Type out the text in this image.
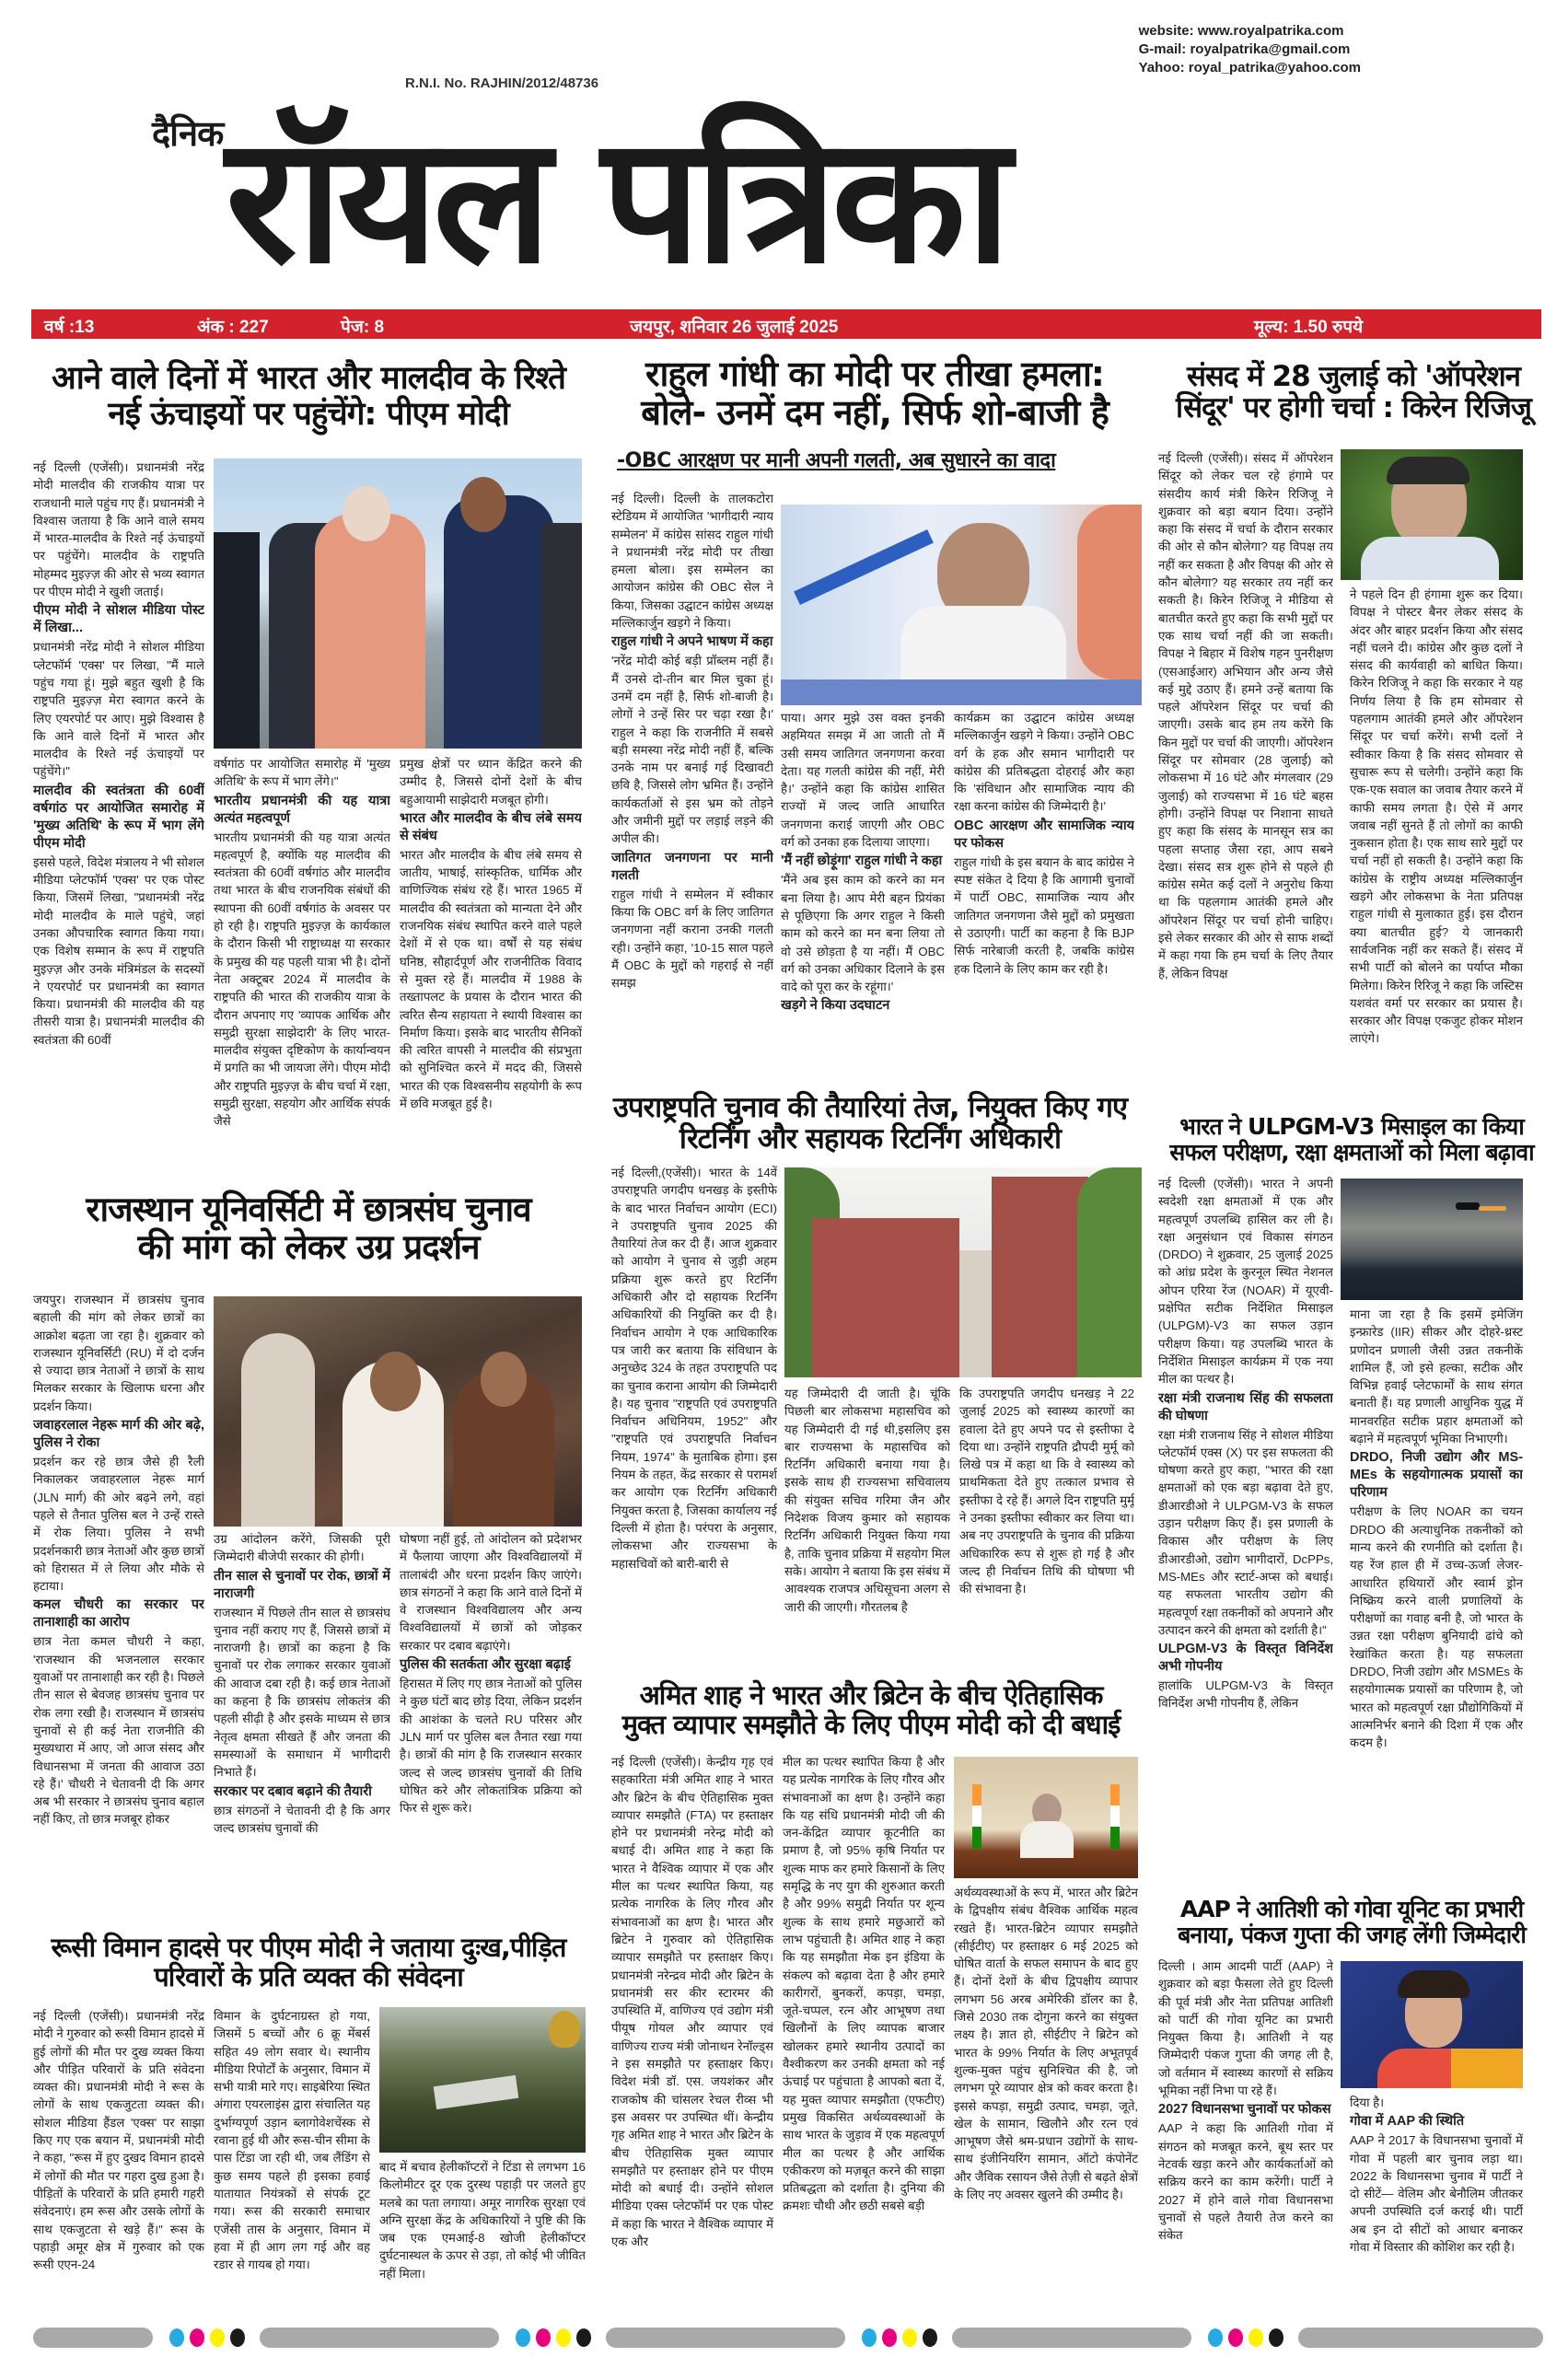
website: www.royalpatrika.com
G-mail: royalpatrika@gmail.com
Yahoo: royal_patrika@yahoo.com
R.N.I. No. RAJHIN/2012/48736
दैनिक रॉयल पत्रिका
वर्ष :13	अंक : 227	पेज: 8	जयपुर, शनिवार 26 जुलाई 2025	मूल्य: 1.50 रुपये
आने वाले दिनों में भारत और मालदीव के रिश्ते
नई ऊंचाइयों पर पहुंचेंगे: पीएम मोदी

नई दिल्ली (एजेंसी)। प्रधानमंत्री नरेंद्र मोदी मालदीव की राजकीय यात्रा पर राजधानी माले पहुंच गए हैं। प्रधानमंत्री ने विश्वास जताया है कि आने वाले समय में भारत-मालदीव के रिश्ते नई ऊंचाइयों पर पहुंचेंगे। मालदीव के राष्ट्रपति मोहम्मद मुइज़्ज़ की ओर से भव्य स्वागत पर पीएम मोदी ने खुशी जताई।

पीएम मोदी ने सोशल मीडिया पोस्ट में लिखा...

प्रधानमंत्री नरेंद्र मोदी ने सोशल मीडिया प्लेटफॉर्म 'एक्स' पर लिखा, "मैं माले पहुंच गया हूं। मुझे बहुत खुशी है कि राष्ट्रपति मुइज़्ज़ मेरा स्वागत करने के लिए एयरपोर्ट पर आए। मुझे विश्वास है कि आने वाले दिनों में भारत और मालदीव के रिश्ते नई ऊंचाइयों पर पहुंचेंगे।"

मालदीव की स्वतंत्रता की 60वीं वर्षगांठ पर आयोजित समारोह में 'मुख्य अतिथि' के रूप में भाग लेंगे पीएम मोदी

इससे पहले, विदेश मंत्रालय ने भी सोशल मीडिया प्लेटफॉर्म 'एक्स' पर एक पोस्ट किया, जिसमें लिखा, "प्रधानमंत्री नरेंद्र मोदी मालदीव के माले पहुंचे, जहां उनका औपचारिक स्वागत किया गया। एक विशेष सम्मान के रूप में राष्ट्रपति मुइज़्ज़ और उनके मंत्रिमंडल के सदस्यों ने एयरपोर्ट पर प्रधानमंत्री का स्वागत किया। प्रधानमंत्री की मालदीव की यह तीसरी यात्रा है। प्रधानमंत्री मालदीव की स्वतंत्रता की 60वीं

वर्षगांठ पर आयोजित समारोह में 'मुख्य अतिथि' के रूप में भाग लेंगे।"

भारतीय प्रधानमंत्री की यह यात्रा अत्यंत महत्वपूर्ण

भारतीय प्रधानमंत्री की यह यात्रा अत्यंत महत्वपूर्ण है, क्योंकि यह मालदीव की स्वतंत्रता की 60वीं वर्षगांठ और मालदीव तथा भारत के बीच राजनयिक संबंधों की स्थापना की 60वीं वर्षगांठ के अवसर पर हो रही है। राष्ट्रपति मुइज़्ज़ के कार्यकाल के दौरान किसी भी राष्ट्राध्यक्ष या सरकार के प्रमुख की यह पहली यात्रा भी है। दोनों नेता अक्टूबर 2024 में मालदीव के राष्ट्रपति की भारत की राजकीय यात्रा के दौरान अपनाए गए 'व्यापक आर्थिक और समुद्री सुरक्षा साझेदारी' के लिए भारत-मालदीव संयुक्त दृष्टिकोण के कार्यान्वयन में प्रगति का भी जायजा लेंगे। पीएम मोदी और राष्ट्रपति मुइज़्ज़ के बीच चर्चा में रक्षा, समुद्री सुरक्षा, सहयोग और आर्थिक संपर्क जैसे

प्रमुख क्षेत्रों पर ध्यान केंद्रित करने की उम्मीद है, जिससे दोनों देशों के बीच बहुआयामी साझेदारी मजबूत होगी।

भारत और मालदीव के बीच लंबे समय से संबंध

भारत और मालदीव के बीच लंबे समय से जातीय, भाषाई, सांस्कृतिक, धार्मिक और वाणिज्यिक संबंध रहे हैं। भारत 1965 में मालदीव की स्वतंत्रता को मान्यता देने और राजनयिक संबंध स्थापित करने वाले पहले देशों में से एक था। वर्षों से यह संबंध घनिष्ठ, सौहार्दपूर्ण और राजनीतिक विवाद से मुक्त रहे हैं। मालदीव में 1988 के तख्तापलट के प्रयास के दौरान भारत की त्वरित सैन्य सहायता ने स्थायी विश्वास का निर्माण किया। इसके बाद भारतीय सैनिकों की त्वरित वापसी ने मालदीव की संप्रभुता को सुनिश्चित करने में मदद की, जिससे भारत की एक विश्वसनीय सहयोगी के रूप में छवि मजबूत हुई है।

राहुल गांधी का मोदी पर तीखा हमला:
बोले- उनमें दम नहीं, सिर्फ शो-बाजी है
-OBC आरक्षण पर मानी अपनी गलती, अब सुधारने का वादा

नई दिल्ली। दिल्ली के तालकटोरा स्टेडियम में आयोजित 'भागीदारी न्याय सम्मेलन' में कांग्रेस सांसद राहुल गांधी ने प्रधानमंत्री नरेंद्र मोदी पर तीखा हमला बोला। इस सम्मेलन का आयोजन कांग्रेस की OBC सेल ने किया, जिसका उद्घाटन कांग्रेस अध्यक्ष मल्लिकार्जुन खड़गे ने किया।

राहुल गांधी ने अपने भाषण में कहा

'नरेंद्र मोदी कोई बड़ी प्रॉब्लम नहीं हैं। मैं उनसे दो-तीन बार मिल चुका हूं। उनमें दम नहीं है, सिर्फ शो-बाजी है। लोगों ने उन्हें सिर पर चढ़ा रखा है।' राहुल ने कहा कि राजनीति में सबसे बड़ी समस्या नरेंद्र मोदी नहीं हैं, बल्कि उनके नाम पर बनाई गई दिखावटी छवि है, जिससे लोग भ्रमित हैं। उन्होंने कार्यकर्ताओं से इस भ्रम को तोड़ने और जमीनी मुद्दों पर लड़ाई लड़ने की अपील की।

जातिगत जनगणना पर मानी गलती

राहुल गांधी ने सम्मेलन में स्वीकार किया कि OBC वर्ग के लिए जातिगत जनगणना नहीं कराना उनकी गलती रही। उन्होंने कहा, '10-15 साल पहले मैं OBC के मुद्दों को गहराई से नहीं समझ

पाया। अगर मुझे उस वक्त इनकी अहमियत समझ में आ जाती तो मैं उसी समय जातिगत जनगणना करवा देता। यह गलती कांग्रेस की नहीं, मेरी है।' उन्होंने कहा कि कांग्रेस शासित राज्यों में जल्द जाति आधारित जनगणना कराई जाएगी और OBC वर्ग को उनका हक दिलाया जाएगा।

'मैं नहीं छोड़ूंगा' राहुल गांधी ने कहा

'मैंने अब इस काम को करने का मन बना लिया है। आप मेरी बहन प्रियंका से पूछिएगा कि अगर राहुल ने किसी काम को करने का मन बना लिया तो वो उसे छोड़ता है या नहीं। मैं OBC वर्ग को उनका अधिकार दिलाने के इस वादे को पूरा कर के रहूंगा।'

खड़गे ने किया उदघाटन

कार्यक्रम का उद्घाटन कांग्रेस अध्यक्ष मल्लिकार्जुन खड़गे ने किया। उन्होंने OBC वर्ग के हक और समान भागीदारी पर कांग्रेस की प्रतिबद्धता दोहराई और कहा कि 'संविधान और सामाजिक न्याय की रक्षा करना कांग्रेस की जिम्मेदारी है।'

OBC आरक्षण और सामाजिक न्याय पर फोकस

राहुल गांधी के इस बयान के बाद कांग्रेस ने स्पष्ट संकेत दे दिया है कि आगामी चुनावों में पार्टी OBC, सामाजिक न्याय और जातिगत जनगणना जैसे मुद्दों को प्रमुखता से उठाएगी। पार्टी का कहना है कि BJP सिर्फ नारेबाजी करती है, जबकि कांग्रेस हक दिलाने के लिए काम कर रही है।

संसद में 28 जुलाई को 'ऑपरेशन
सिंदूर' पर होगी चर्चा : किरेन रिजिजू

नई दिल्ली (एजेंसी)। संसद में ऑपरेशन सिंदूर को लेकर चल रहे हंगामे पर संसदीय कार्य मंत्री किरेन रिजिजू ने शुक्रवार को बड़ा बयान दिया। उन्होंने कहा कि संसद में चर्चा के दौरान सरकार की ओर से कौन बोलेगा? यह विपक्ष तय नहीं कर सकता है और विपक्ष की ओर से कौन बोलेगा? यह सरकार तय नहीं कर सकती है। किरेन रिजिजू ने मीडिया से बातचीत करते हुए कहा कि सभी मुद्दों पर एक साथ चर्चा नहीं की जा सकती। विपक्ष ने बिहार में विशेष गहन पुनरीक्षण (एसआईआर) अभियान और अन्य जैसे कई मुद्दे उठाए हैं। हमने उन्हें बताया कि पहले ऑपरेशन सिंदूर पर चर्चा की जाएगी। उसके बाद हम तय करेंगे कि किन मुद्दों पर चर्चा की जाएगी। ऑपरेशन सिंदूर पर सोमवार (28 जुलाई) को लोकसभा में 16 घंटे और मंगलवार (29 जुलाई) को राज्यसभा में 16 घंटे बहस होगी। उन्होंने विपक्ष पर निशाना साधते हुए कहा कि संसद के मानसून सत्र का पहला सप्ताह जैसा रहा, आप सबने देखा। संसद सत्र शुरू होने से पहले ही कांग्रेस समेत कई दलों ने अनुरोध किया था कि पहलगाम आतंकी हमले और ऑपरेशन सिंदूर पर चर्चा होनी चाहिए। इसे लेकर सरकार की ओर से साफ शब्दों में कहा गया कि हम चर्चा के लिए तैयार हैं, लेकिन विपक्ष

ने पहले दिन ही हंगामा शुरू कर दिया। विपक्ष ने पोस्टर बैनर लेकर संसद के अंदर और बाहर प्रदर्शन किया और संसद नहीं चलने दी। कांग्रेस और कुछ दलों ने संसद की कार्यवाही को बाधित किया। किरेन रिजिजू ने कहा कि सरकार ने यह निर्णय लिया है कि हम सोमवार से पहलगाम आतंकी हमले और ऑपरेशन सिंदूर पर चर्चा करेंगे। सभी दलों ने स्वीकार किया है कि संसद सोमवार से सुचारू रूप से चलेगी। उन्होंने कहा कि एक-एक सवाल का जवाब तैयार करने में काफी समय लगता है। ऐसे में अगर जवाब नहीं सुनते हैं तो लोगों का काफी नुकसान होता है। एक साथ सारे मुद्दों पर चर्चा नहीं हो सकती है। उन्होंने कहा कि कांग्रेस के राष्ट्रीय अध्यक्ष मल्लिकार्जुन खड़गे और लोकसभा के नेता प्रतिपक्ष राहुल गांधी से मुलाकात हुई। इस दौरान क्या बातचीत हुई? ये जानकारी सार्वजनिक नहीं कर सकते हैं। संसद में सभी पार्टी को बोलने का पर्याप्त मौका मिलेगा। किरेन रिरिजू ने कहा कि जस्टिस यशवंत वर्मा पर सरकार का प्रयास है। सरकार और विपक्ष एकजुट होकर मोशन लाएंगे।

राजस्थान यूनिवर्सिटी में छात्रसंघ चुनाव
की मांग को लेकर उग्र प्रदर्शन

जयपुर। राजस्थान में छात्रसंघ चुनाव बहाली की मांग को लेकर छात्रों का आक्रोश बढ़ता जा रहा है। शुक्रवार को राजस्थान यूनिवर्सिटी (RU) में दो दर्जन से ज्यादा छात्र नेताओं ने छात्रों के साथ मिलकर सरकार के खिलाफ धरना और प्रदर्शन किया।

जवाहरलाल नेहरू मार्ग की ओर बढ़े, पुलिस ने रोका

प्रदर्शन कर रहे छात्र जैसे ही रैली निकालकर जवाहरलाल नेहरू मार्ग (JLN मार्ग) की ओर बढ़ने लगे, वहां पहले से तैनात पुलिस बल ने उन्हें रास्ते में रोक लिया। पुलिस ने सभी प्रदर्शनकारी छात्र नेताओं और कुछ छात्रों को हिरासत में ले लिया और मौके से हटाया।

कमल चौधरी का सरकार पर तानाशाही का आरोप

छात्र नेता कमल चौधरी ने कहा, 'राजस्थान की भजनलाल सरकार युवाओं पर तानाशाही कर रही है। पिछले तीन साल से बेवजह छात्रसंघ चुनाव पर रोक लगा रखी है। राजस्थान में छात्रसंघ चुनावों से ही कई नेता राजनीति की मुख्यधारा में आए, जो आज संसद और विधानसभा में जनता की आवाज उठा रहे हैं।' चौधरी ने चेतावनी दी कि अगर अब भी सरकार ने छात्रसंघ चुनाव बहाल नहीं किए, तो छात्र मजबूर होकर

उग्र आंदोलन करेंगे, जिसकी पूरी जिम्मेदारी बीजेपी सरकार की होगी।

तीन साल से चुनावों पर रोक, छात्रों में नाराजगी

राजस्थान में पिछले तीन साल से छात्रसंघ चुनाव नहीं कराए गए हैं, जिससे छात्रों में नाराजगी है। छात्रों का कहना है कि चुनावों पर रोक लगाकर सरकार युवाओं की आवाज दबा रही है। कई छात्र नेताओं का कहना है कि छात्रसंघ लोकतंत्र की पहली सीढ़ी है और इसके माध्यम से छात्र नेतृत्व क्षमता सीखते हैं और जनता की समस्याओं के समाधान में भागीदारी निभाते हैं।

सरकार पर दबाव बढ़ाने की तैयारी

छात्र संगठनों ने चेतावनी दी है कि अगर जल्द छात्रसंघ चुनावों की

घोषणा नहीं हुई, तो आंदोलन को प्रदेशभर में फैलाया जाएगा और विश्वविद्यालयों में तालाबंदी और धरना प्रदर्शन किए जाएंगे। छात्र संगठनों ने कहा कि आने वाले दिनों में वे राजस्थान विश्वविद्यालय और अन्य विश्वविद्यालयों में छात्रों को जोड़कर सरकार पर दबाव बढ़ाएंगे।

पुलिस की सतर्कता और सुरक्षा बढ़ाई

हिरासत में लिए गए छात्र नेताओं को पुलिस ने कुछ घंटों बाद छोड़ दिया, लेकिन प्रदर्शन की आशंका के चलते RU परिसर और JLN मार्ग पर पुलिस बल तैनात रखा गया है। छात्रों की मांग है कि राजस्थान सरकार जल्द से जल्द छात्रसंघ चुनावों की तिथि घोषित करे और लोकतांत्रिक प्रक्रिया को फिर से शुरू करे।

उपराष्ट्रपति चुनाव की तैयारियां तेज, नियुक्त किए गए
रिटर्निंग और सहायक रिटर्निंग अधिकारी

नई दिल्ली,(एजेंसी)। भारत के 14वें उपराष्ट्रपति जगदीप धनखड़ के इस्तीफे के बाद भारत निर्वाचन आयोग (ECI) ने उपराष्ट्रपति चुनाव 2025 की तैयारियां तेज कर दी हैं। आज शुक्रवार को आयोग ने चुनाव से जुड़ी अहम प्रक्रिया शुरू करते हुए रिटर्निंग अधिकारी और दो सहायक रिटर्निंग अधिकारियों की नियुक्ति कर दी है। निर्वाचन आयोग ने एक आधिकारिक पत्र जारी कर बताया कि संविधान के अनुच्छेद 324 के तहत उपराष्ट्रपति पद का चुनाव कराना आयोग की जिम्मेदारी है। यह चुनाव "राष्ट्रपति एवं उपराष्ट्रपति निर्वाचन अधिनियम, 1952" और "राष्ट्रपति एवं उपराष्ट्रपति निर्वाचन नियम, 1974" के मुताबिक होगा। इस नियम के तहत, केंद्र सरकार से परामर्श कर आयोग एक रिटर्निंग अधिकारी नियुक्त करता है, जिसका कार्यालय नई दिल्ली में होता है। परंपरा के अनुसार, लोकसभा और राज्यसभा के महासचिवों को बारी-बारी से

यह जिम्मेदारी दी जाती है। चूंकि पिछली बार लोकसभा महासचिव को यह जिम्मेदारी दी गई थी,इसलिए इस बार राज्यसभा के महासचिव को रिटर्निंग अधिकारी बनाया गया है। इसके साथ ही राज्यसभा सचिवालय की संयुक्त सचिव गरिमा जैन और निदेशक विजय कुमार को सहायक रिटर्निंग अधिकारी नियुक्त किया गया है, ताकि चुनाव प्रक्रिया में सहयोग मिल सके। आयोग ने बताया कि इस संबंध में आवश्यक राजपत्र अधिसूचना अलग से जारी की जाएगी। गौरतलब है

कि उपराष्ट्रपति जगदीप धनखड़ ने 22 जुलाई 2025 को स्वास्थ्य कारणों का हवाला देते हुए अपने पद से इस्तीफा दे दिया था। उन्होंने राष्ट्रपति द्रौपदी मुर्मू को लिखे पत्र में कहा था कि वे स्वास्थ्य को प्राथमिकता देते हुए तत्काल प्रभाव से इस्तीफा दे रहे हैं। अगले दिन राष्ट्रपति मुर्मू ने उनका इस्तीफा स्वीकार कर लिया था। अब नए उपराष्ट्रपति के चुनाव की प्रक्रिया अधिकारिक रूप से शुरू हो गई है और जल्द ही निर्वाचन तिथि की घोषणा भी की संभावना है।

भारत ने ULPGM-V3 मिसाइल का किया
सफल परीक्षण, रक्षा क्षमताओं को मिला बढ़ावा

नई दिल्ली (एजेंसी)। भारत ने अपनी स्वदेशी रक्षा क्षमताओं में एक और महत्वपूर्ण उपलब्धि हासिल कर ली है। रक्षा अनुसंधान एवं विकास संगठन (DRDO) ने शुक्रवार, 25 जुलाई 2025 को आंध्र प्रदेश के कुरनूल स्थित नेशनल ओपन एरिया रेंज (NOAR) में यूएवी-प्रक्षेपित सटीक निर्देशित मिसाइल (ULPGM)-V3 का सफल उड़ान परीक्षण किया। यह उपलब्धि भारत के निर्देशित मिसाइल कार्यक्रम में एक नया मील का पत्थर है।

रक्षा मंत्री राजनाथ सिंह की सफलता की घोषणा

रक्षा मंत्री राजनाथ सिंह ने सोशल मीडिया प्लेटफॉर्म एक्स (X) पर इस सफलता की घोषणा करते हुए कहा, "भारत की रक्षा क्षमताओं को एक बड़ा बढ़ावा देते हुए, डीआरडीओ ने ULPGM-V3 के सफल उड़ान परीक्षण किए हैं। इस प्रणाली के विकास और परीक्षण के लिए डीआरडीओ, उद्योग भागीदारों, DcPPs, MS-MEs और स्टार्ट-अप्स को बधाई। यह सफलता भारतीय उद्योग की महत्वपूर्ण रक्षा तकनीकों को अपनाने और उत्पादन करने की क्षमता को दर्शाती है।"

ULPGM-V3 के विस्तृत विनिर्देश अभी गोपनीय

हालांकि ULPGM-V3 के विस्तृत विनिर्देश अभी गोपनीय हैं, लेकिन

माना जा रहा है कि इसमें इमेजिंग इन्फ्रारेड (IIR) सीकर और दोहरे-थ्रस्ट प्रणोदन प्रणाली जैसी उन्नत तकनीकें शामिल हैं, जो इसे हल्का, सटीक और विभिन्न हवाई प्लेटफार्मों के साथ संगत बनाती हैं। यह प्रणाली आधुनिक युद्ध में मानवरहित सटीक प्रहार क्षमताओं को बढ़ाने में महत्वपूर्ण भूमिका निभाएगी।

DRDO, निजी उद्योग और MS-MEs के सहयोगात्मक प्रयासों का परिणाम

परीक्षण के लिए NOAR का चयन DRDO की अत्याधुनिक तकनीकों को मान्य करने की रणनीति को दर्शाता है। यह रेंज हाल ही में उच्च-ऊर्जा लेजर-आधारित हथियारों और स्वार्म ड्रोन निष्क्रिय करने वाली प्रणालियों के परीक्षणों का गवाह बनी है, जो भारत के उन्नत रक्षा परीक्षण बुनियादी ढांचे को रेखांकित करता है। यह सफलता DRDO, निजी उद्योग और MSMEs के सहयोगात्मक प्रयासों का परिणाम है, जो भारत को महत्वपूर्ण रक्षा प्रौद्योगिकियों में आत्मनिर्भर बनाने की दिशा में एक और कदम है।

अमित शाह ने भारत और ब्रिटेन के बीच ऐतिहासिक
मुक्त व्यापार समझौते के लिए पीएम मोदी को दी बधाई

नई दिल्ली (एजेंसी)। केन्द्रीय गृह एवं सहकारिता मंत्री अमित शाह ने भारत और ब्रिटेन के बीच ऐतिहासिक मुक्त व्यापार समझौते (FTA) पर हस्ताक्षर होने पर प्रधानमंत्री नरेन्द्र मोदी को बधाई दी। अमित शाह ने कहा कि भारत ने वैश्विक व्यापार में एक और मील का पत्थर स्थापित किया, यह प्रत्येक नागरिक के लिए गौरव और संभावनाओं का क्षण है। भारत और ब्रिटेन ने गुरुवार को ऐतिहासिक व्यापार समझौते पर हस्ताक्षर किए। प्रधानमंत्री नरेन्द्रव मोदी और ब्रिटेन के प्रधानमंत्री सर कीर स्टारमर की उपस्थिति में, वाणिज्य एवं उद्योग मंत्री पीयूष गोयल और व्यापार एवं वाणिज्य राज्य मंत्री जोनाथन रेनॉल्ड्स ने इस समझौते पर हस्ताक्षर किए। विदेश मंत्री डॉ. एस. जयशंकर और राजकोष की चांसलर रेचल रीव्स भी इस अवसर पर उपस्थित थीं। केन्द्रीय गृह अमित शाह ने भारत और ब्रिटेन के बीच ऐतिहासिक मुक्त व्यापार समझौते पर हस्ताक्षर होने पर पीएम मोदी को बधाई दी। उन्होंने सोशल मीडिया एक्स प्लेटफॉर्म पर एक पोस्ट में कहा कि भारत ने वैश्विक व्यापार में एक और

मील का पत्थर स्थापित किया है और यह प्रत्येक नागरिक के लिए गौरव और संभावनाओं का क्षण है। उन्होंने कहा कि यह संधि प्रधानमंत्री मोदी जी की जन-केंद्रित व्यापार कूटनीति का प्रमाण है, जो 95% कृषि निर्यात पर शुल्क माफ कर हमारे किसानों के लिए समृद्धि के नए युग की शुरुआत करती है और 99% समुद्री निर्यात पर शून्य शुल्क के साथ हमारे मछुआरों को लाभ पहुंचाती है। अमित शाह ने कहा कि यह समझौता मेक इन इंडिया के संकल्प को बढ़ावा देता है और हमारे कारीगरों, बुनकरों, कपड़ा, चमड़ा, जूते-चप्पल, रत्न और आभूषण तथा खिलौनों के लिए व्यापक बाजार खोलकर हमारे स्थानीय उत्पादों का वैश्वीकरण कर उनकी क्षमता को नई ऊंचाई पर पहुंचाता है आपको बता दें, यह मुक्त व्यापार समझौता (एफटीए) प्रमुख विकसित अर्थव्यवस्थाओं के साथ भारत के जुड़ाव में एक महत्वपूर्ण मील का पत्थर है और आर्थिक एकीकरण को मज़बूत करने की साझा प्रतिबद्धता को दर्शाता है। दुनिया की क्रमशः चौथी और छठी सबसे बड़ी

अर्थव्यवस्थाओं के रूप में, भारत और ब्रिटेन के द्विपक्षीय संबंध वैश्विक आर्थिक महत्व रखते हैं। भारत-ब्रिटेन व्यापार समझौते (सीईटीए) पर हस्ताक्षर 6 मई 2025 को घोषित वार्ता के सफल समापन के बाद हुए हैं। दोनों देशों के बीच द्विपक्षीय व्यापार लगभग 56 अरब अमेरिकी डॉलर का है, जिसे 2030 तक दोगुना करने का संयुक्त लक्ष्य है। ज्ञात हो, सीईटीए ने ब्रिटेन को भारत के 99% निर्यात के लिए अभूतपूर्व शुल्क-मुक्त पहुंच सुनिश्चित की है, जो लगभग पूरे व्यापार क्षेत्र को कवर करता है। इससे कपड़ा, समुद्री उत्पाद, चमड़ा, जूते, खेल के सामान, खिलौने और रत्न एवं आभूषण जैसे श्रम-प्रधान उद्योगों के साथ-साथ इंजीनियरिंग सामान, ऑटो कंपोनेंट और जैविक रसायन जैसे तेज़ी से बढ़ते क्षेत्रों के लिए नए अवसर खुलने की उम्मीद है।

रूसी विमान हादसे पर पीएम मोदी ने जताया दुःख,पीड़ित
परिवारों के प्रति व्यक्त की संवेदना

नई दिल्ली (एजेंसी)। प्रधानमंत्री नरेंद्र मोदी ने गुरुवार को रूसी विमान हादसे में हुई लोगों की मौत पर दुख व्यक्त किया और पीड़ित परिवारों के प्रति संवेदना व्यक्त की। प्रधानमंत्री मोदी ने रूस के लोगों के साथ एकजुटता व्यक्त की। सोशल मीडिया हैंडल 'एक्स' पर साझा किए गए एक बयान में, प्रधानमंत्री मोदी ने कहा, "रूस में हुए दुखद विमान हादसे में लोगों की मौत पर गहरा दुख हुआ है। पीड़ितों के परिवारों के प्रति हमारी गहरी संवेदनाएं। हम रूस और उसके लोगों के साथ एकजुटता से खड़े हैं।" रूस के पहाड़ी अमूर क्षेत्र में गुरुवार को एक रूसी एएन-24

विमान के दुर्घटनाग्रस्त हो गया, जिसमें 5 बच्चों और 6 क्रू मेंबर्स सहित 49 लोग सवार थे। स्थानीय मीडिया रिपोर्टों के अनुसार, विमान में सभी यात्री मारे गए। साइबेरिया स्थित अंगारा एयरलाइंस द्वारा संचालित यह दुर्भाग्यपूर्ण उड़ान ब्लागोवेशचेंस्क से रवाना हुई थी और रूस-चीन सीमा के पास टिंडा जा रही थी, जब लैंडिंग से कुछ समय पहले ही इसका हवाई यातायात नियंत्रकों से संपर्क टूट गया। रूस की सरकारी समाचार एजेंसी तास के अनुसार, विमान में हवा में ही आग लग गई और वह रडार से गायब हो गया।

बाद में बचाव हेलीकॉप्टरों ने टिंडा से लगभग 16 किलोमीटर दूर एक दुरस्थ पहाड़ी पर जलते हुए मलबे का पता लगाया। अमूर नागरिक सुरक्षा एवं अग्नि सुरक्षा केंद्र के अधिकारियों ने पुष्टि की कि जब एक एमआई-8 खोजी हेलीकॉप्टर दुर्घटनास्थल के ऊपर से उड़ा, तो कोई भी जीवित नहीं मिला।

AAP ने आतिशी को गोवा यूनिट का प्रभारी
बनाया, पंकज गुप्ता की जगह लेंगी जिम्मेदारी

दिल्ली । आम आदमी पार्टी (AAP) ने शुक्रवार को बड़ा फैसला लेते हुए दिल्ली की पूर्व मंत्री और नेता प्रतिपक्ष आतिशी को पार्टी की गोवा यूनिट का प्रभारी नियुक्त किया है। आतिशी ने यह जिम्मेदारी पंकज गुप्ता की जगह ली है, जो वर्तमान में स्वास्थ्य कारणों से सक्रिय भूमिका नहीं निभा पा रहे हैं।

2027 विधानसभा चुनावों पर फोकस

AAP ने कहा कि आतिशी गोवा में संगठन को मजबूत करने, बूथ स्तर पर नेटवर्क खड़ा करने और कार्यकर्ताओं को सक्रिय करने का काम करेंगी। पार्टी ने 2027 में होने वाले गोवा विधानसभा चुनावों से पहले तैयारी तेज करने का संकेत

दिया है।

गोवा में AAP की स्थिति

AAP ने 2017 के विधानसभा चुनावों में गोवा में पहली बार चुनाव लड़ा था। 2022 के विधानसभा चुनाव में पार्टी ने दो सीटें— वेलिम और बेनौलिम जीतकर अपनी उपस्थिति दर्ज कराई थी। पार्टी अब इन दो सीटों को आधार बनाकर गोवा में विस्तार की कोशिश कर रही है।
